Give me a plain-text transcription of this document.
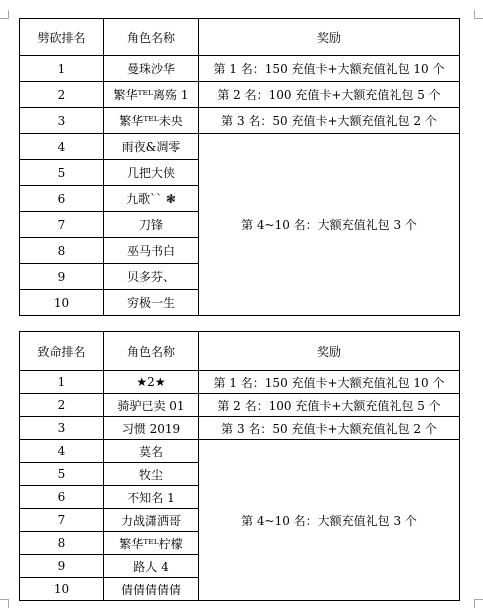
劈砍排名	角色名称	奖励
1	曼珠沙华	第 1 名：150 充值卡+大额充值礼包 10 个
2	繁华ᵀᴱᴸ离殇 1	第 2 名：100 充值卡+大额充值礼包 5 个
3	繁华ᵀᴱᴸ未央	第 3 名：50 充值卡+大额充值礼包 2 个
4	雨夜&凋零	第 4~10 名：大额充值礼包 3 个
5	几把大侠	
6	九歌`` ❃	
7	刀锋	
8	巫马书白	
9	贝多芬、	
10	穷极一生	
致命排名	角色名称	奖励
1	★2★	第 1 名：150 充值卡+大额充值礼包 10 个
2	骑驴已卖 01	第 2 名：100 充值卡+大额充值礼包 5 个
3	习惯 2019	第 3 名：50 充值卡+大额充值礼包 2 个
4	莫名	第 4~10 名：大额充值礼包 3 个
5	牧尘	
6	不知名 1	
7	力战潇洒哥	
8	繁华ᵀᴱᴸ柠檬	
9	路人 4	
10	倩倩倩倩倩	
